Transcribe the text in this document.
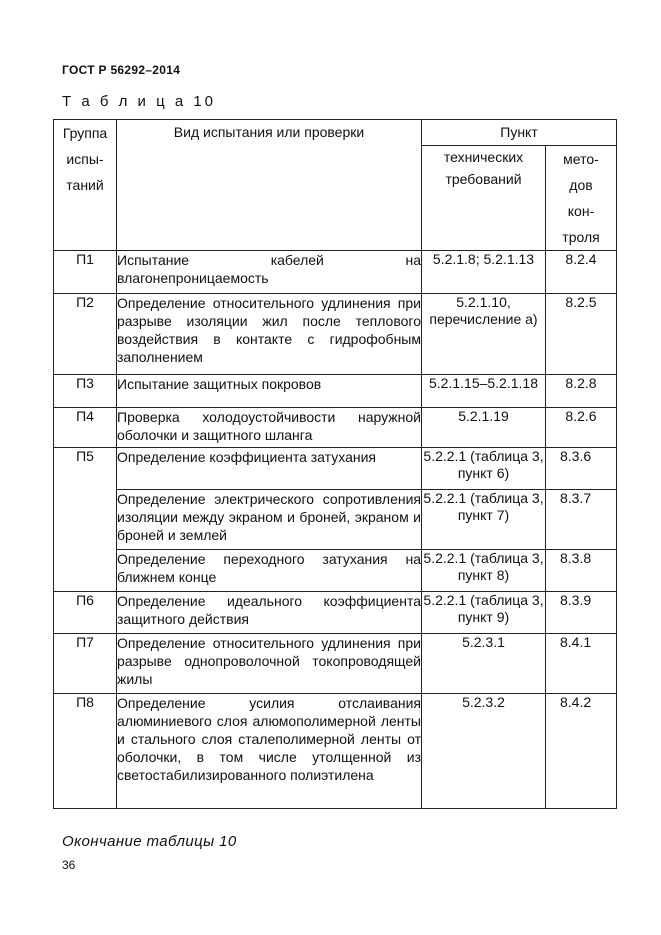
ГОСТ Р 56292–2014
Т а б л и ц а 10
Группа испы-таний	Вид испытания или проверки	Пункт	

		технических требований	мето-дов кон-троля

П1	Испытание кабелей на влагонепроницаемость	5.2.1.8; 5.2.1.13	8.2.4
П2	Определение относительного удлинения при разрыве изоляции жил после теплового воздействия в контакте с гидрофобным заполнением	5.2.1.10, перечисление а)	8.2.5
П3	Испытание защитных покровов	5.2.1.15–5.2.1.18	8.2.8
П4	Проверка холодоустойчивости наружной оболочки и защитного шланга	5.2.1.19	8.2.6
П5	Определение коэффициента затухания	5.2.2.1 (таблица 3, пункт 6)	8.3.6
	Определение электрического сопротивления изоляции между экраном и броней, экраном и броней и землей	5.2.2.1 (таблица 3, пункт 7)	8.3.7
	Определение переходного затухания на ближнем конце	5.2.2.1 (таблица 3, пункт 8)	8.3.8
П6	Определение идеального коэффициента защитного действия	5.2.2.1 (таблица 3, пункт 9)	8.3.9
П7	Определение относительного удлинения при разрыве однопроволочной токопроводящей жилы	5.2.3.1	8.4.1
П8	Определение усилия отслаивания алюминиевого слоя алюмополимерной ленты и стального слоя сталеполимерной ленты от оболочки, в том числе утолщенной из светостабилизированного полиэтилена	5.2.3.2	8.4.2
Окончание таблицы 10
36
